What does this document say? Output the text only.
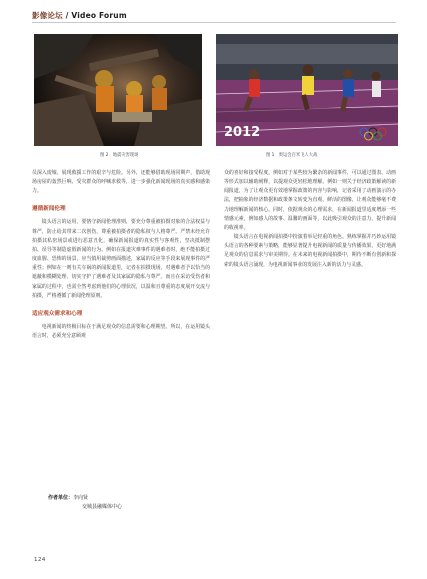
影像论坛 / Video Forum
2012
图 2　地震灾害现场	图 1　奥运会百米飞人大战

员深入废墟，展现救援工作的艰辛与危险。另外，还能够借助现场同期声，借助现场房屋的轰然巨响、受灾群众的呼喊求救等，进一步强化新闻现场的真实感和感染力。

遵循新闻伦理

镜头语言的运用，要恪守新闻伦理准则，要充分尊重被拍摄对象的合法权益与尊严，防止给其带来二次创伤，尊重被拍摄者的隐私权与人格尊严。严禁未经允许拍摄其私密场景或进行恶意丑化，确保新闻报道的真实性与客观性，坚决抵制摆拍、误导等制造虚假新闻的行为。例如在报道灾难事件的遇难者时，绝不能拍摄过度血腥、恐怖的场景，应当慎用裁剪画面描述，家属的反应等手段来展现事件的严重性；例如在一则有关车祸的新闻报道里，记者在拍摄现场，对遇难者予以恰当的遮蔽和模糊处理，切实守护了遇难者及其家属的隐私与尊严。而且在采访受伤者和家属的过程中，也需全然考虑到他们的心理状况，以温和且尊重的态度展开交流与拍摄，严格遵循了新闻伦理原则。

适应观众需求和心理

电视新闻的终极目标在于满足观众的信息需要和心理期望。所以，在运用镜头语言时，必须充分意顾观

众的喜好和接受程度。例如对于某些较为繁杂的新闻事件，可以通过图表、动画等形式加以辅助阐释，以提观众更轻松地理解。例如一则关于经济政策解读的新闻报道，为了让观众更有效地掌握政策的内容与影响，记者采用了动画演示的办法，把抽象的经济数据和政策条文转变为直观、鲜活的图像，让观众能够毫不费力地理解新闻的核心。同时，依据观众的心理需求，在新闻报道里适度增添一些情感元素，例如感人的故事、温馨的画面等，以此吸引观众的注意力，提升新闻的收视率。

镜头语言在电视新闻拍摄中扮演着举足轻重的角色。熟练掌握并巧妙运用镜头语言的各种要素与策略，能够显著提升电视新闻的质量与传播效果，更好地满足观众的信息需求与审美期待。在未来的电视新闻拍摄中，期待不断有创新和探索的镜头语言涌现，为电视新闻事业的发展注入新的活力与灵感。

作者单位：李向贤
交城县融媒体中心
124
